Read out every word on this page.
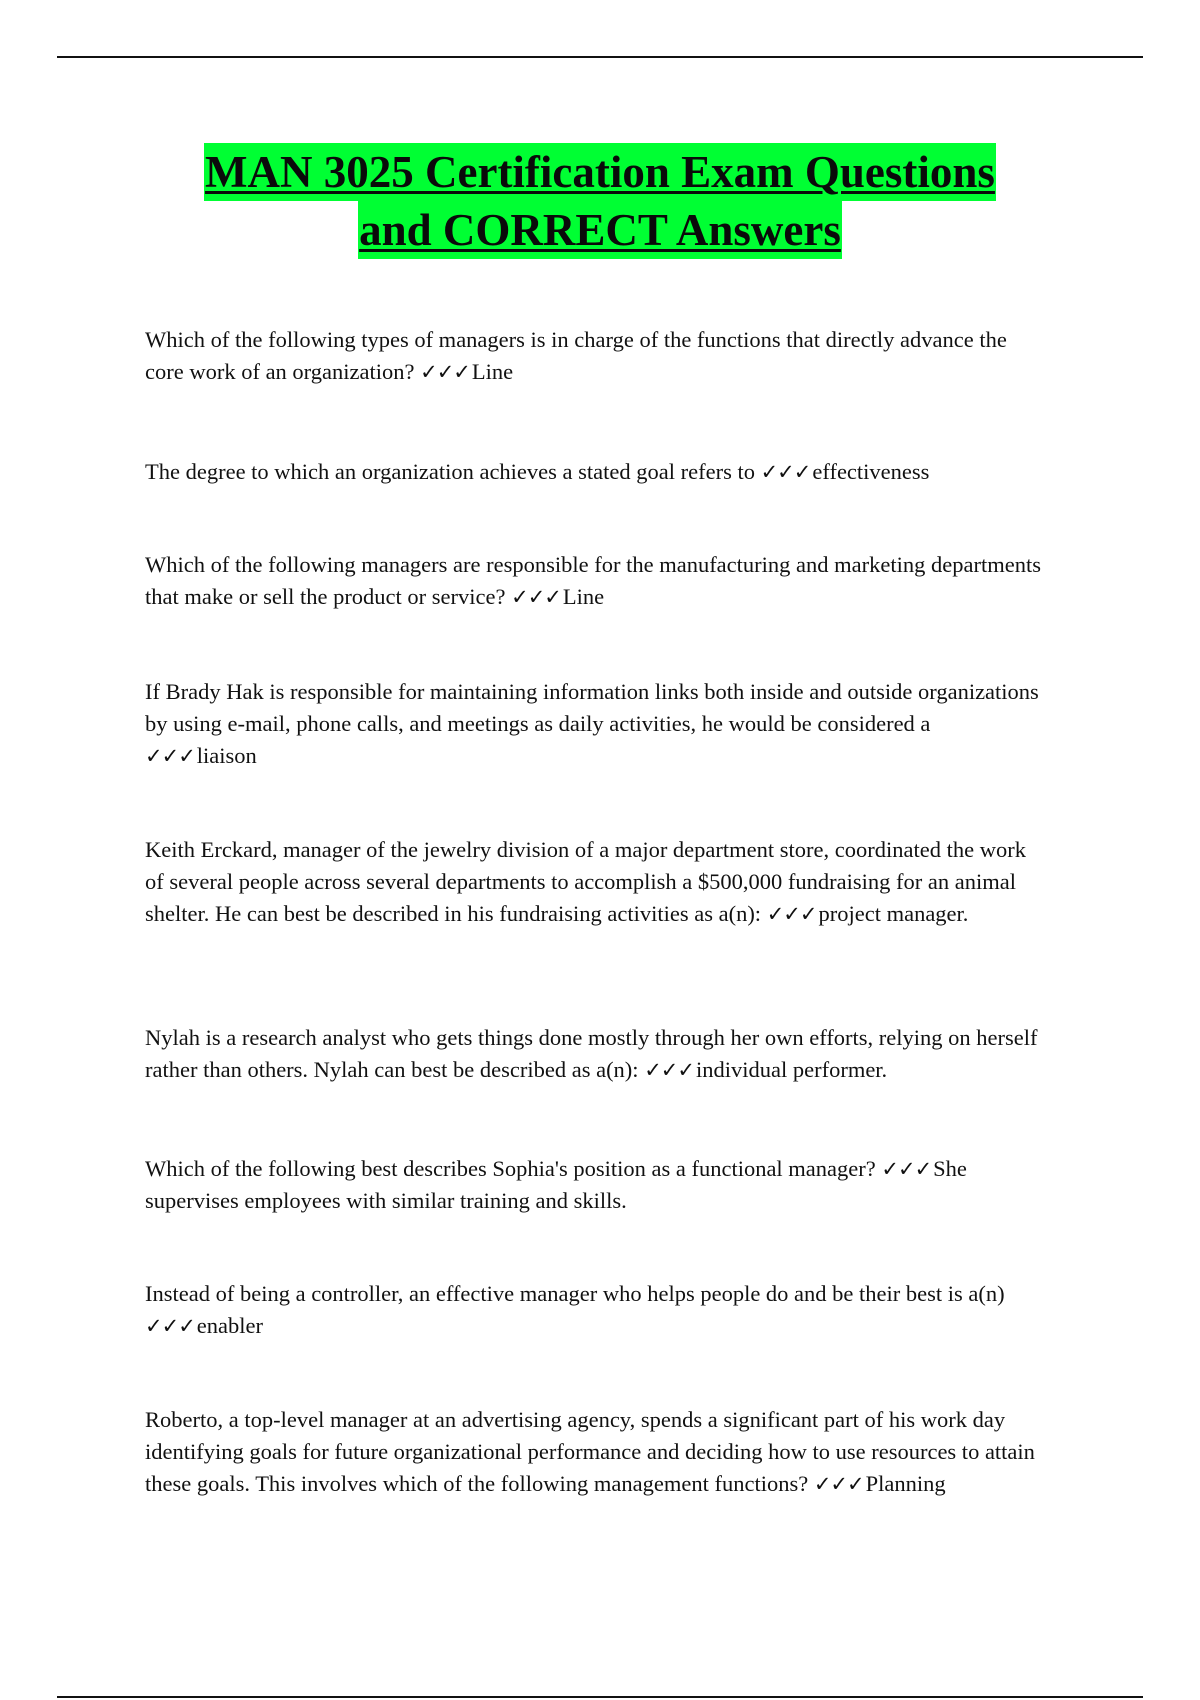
MAN 3025 Certification Exam Questions
and CORRECT Answers

Which of the following types of managers is in charge of the functions that directly advance the core work of an organization? ✓✓✓Line

The degree to which an organization achieves a stated goal refers to ✓✓✓effectiveness

Which of the following managers are responsible for the manufacturing and marketing departments that make or sell the product or service? ✓✓✓Line

If Brady Hak is responsible for maintaining information links both inside and outside organizations by using e-mail, phone calls, and meetings as daily activities, he would be considered a ✓✓✓liaison

Keith Erckard, manager of the jewelry division of a major department store, coordinated the work of several people across several departments to accomplish a $500,000 fundraising for an animal shelter. He can best be described in his fundraising activities as a(n): ✓✓✓project manager.

Nylah is a research analyst who gets things done mostly through her own efforts, relying on herself rather than others. Nylah can best be described as a(n): ✓✓✓individual performer.

Which of the following best describes Sophia's position as a functional manager? ✓✓✓She supervises employees with similar training and skills.

Instead of being a controller, an effective manager who helps people do and be their best is a(n) ✓✓✓enabler

Roberto, a top-level manager at an advertising agency, spends a significant part of his work day identifying goals for future organizational performance and deciding how to use resources to attain these goals. This involves which of the following management functions? ✓✓✓Planning
